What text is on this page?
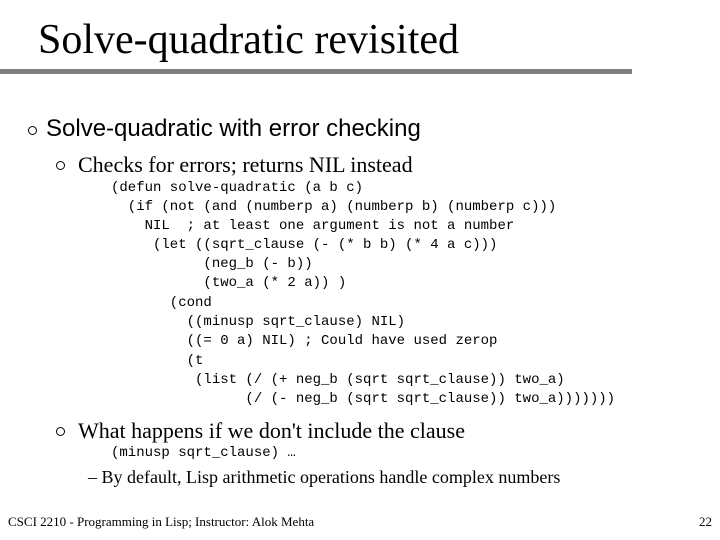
Solve-quadratic revisited
Solve-quadratic with error checking
Checks for errors; returns NIL instead
(defun solve-quadratic (a b c)
(if (not (and (numberp a) (numberp b) (numberp c)))
NIL  ; at least one argument is not a number
(let ((sqrt_clause (- (* b b) (* 4 a c)))
(neg_b (- b))
(two_a (* 2 a)) )
(cond
((minusp sqrt_clause) NIL)
((= 0 a) NIL) ; Could have used zerop
(t
(list (/ (+ neg_b (sqrt sqrt_clause)) two_a)
(/ (- neg_b (sqrt sqrt_clause)) two_a)))))))
What happens if we don't include the clause
(minusp sqrt_clause) …
– By default, Lisp arithmetic operations handle complex numbers
CSCI 2210 - Programming in Lisp; Instructor: Alok Mehta	22
